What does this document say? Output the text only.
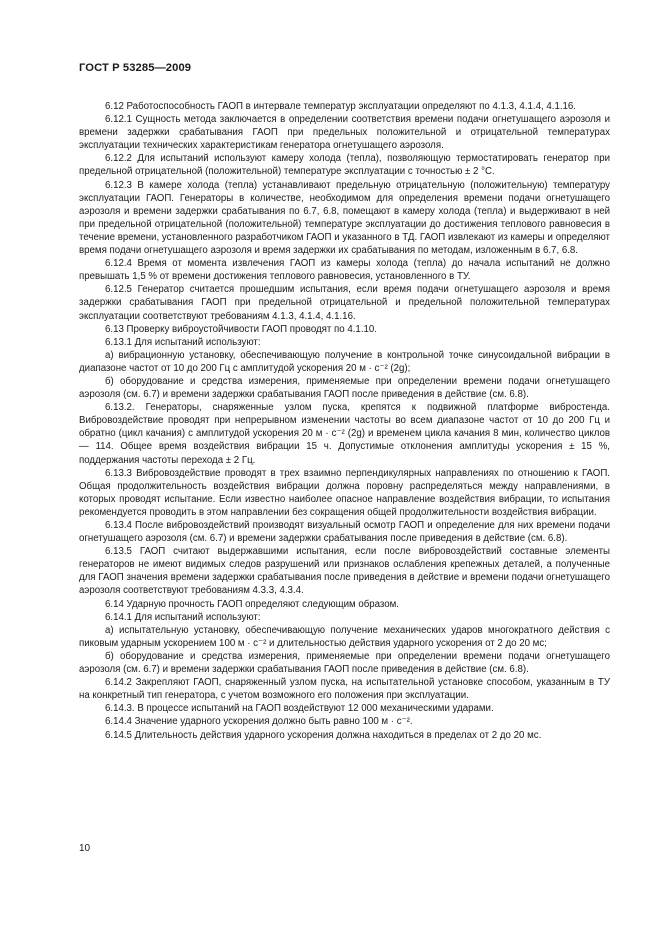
ГОСТ Р 53285—2009

6.12 Работоспособность ГАОП в интервале температур эксплуатации определяют по 4.1.3, 4.1.4, 4.1.16.

6.12.1 Сущность метода заключается в определении соответствия времени подачи огнетушащего аэрозоля и времени задержки срабатывания ГАОП при предельных положительной и отрицательной температурах эксплуатации технических характеристикам генератора огнетушащего аэрозоля.

6.12.2 Для испытаний используют камеру холода (тепла), позволяющую термостатировать генератор при предельной отрицательной (положительной) температуре эксплуатации с точностью ± 2 °С.

6.12.3 В камере холода (тепла) устанавливают предельную отрицательную (положительную) температуру эксплуатации ГАОП. Генераторы в количестве, необходимом для определения времени подачи огнетушащего аэрозоля и времени задержки срабатывания по 6.7, 6.8, помещают в камеру холода (тепла) и выдерживают в ней при предельной отрицательной (положительной) температуре эксплуатации до достижения теплового равновесия в течение времени, установленного разработчиком ГАОП и указанного в ТД. ГАОП извлекают из камеры и определяют время подачи огнетушащего аэрозоля и время задержки их срабатывания по методам, изложенным в 6.7, 6.8.

6.12.4 Время от момента извлечения ГАОП из камеры холода (тепла) до начала испытаний не должно превышать 1,5 % от времени достижения теплового равновесия, установленного в ТУ.

6.12.5 Генератор считается прошедшим испытания, если время подачи огнетушащего аэрозоля и время задержки срабатывания ГАОП при предельной отрицательной и предельной положительной температурах эксплуатации соответствуют требованиям 4.1.3, 4.1.4, 4.1.16.

6.13 Проверку виброустойчивости ГАОП проводят по 4.1.10.

6.13.1 Для испытаний используют:

а) вибрационную установку, обеспечивающую получение в контрольной точке синусоидальной вибрации в диапазоне частот от 10 до 200 Гц с амплитудой ускорения 20 м · с⁻² (2g);

б) оборудование и средства измерения, применяемые при определении времени подачи огнетушащего аэрозоля (см. 6.7) и времени задержки срабатывания ГАОП после приведения в действие (см. 6.8).

6.13.2. Генераторы, снаряженные узлом пуска, крепятся к подвижной платформе вибростенда. Вибровоздействие проводят при непрерывном изменении частоты во всем диапазоне частот от 10 до 200 Гц и обратно (цикл качания) с амплитудой ускорения 20 м · с⁻² (2g) и временем цикла качания 8 мин, количество циклов — 114. Общее время воздействия вибрации 15 ч. Допустимые отклонения амплитуды ускорения ± 15 %, поддержания частоты перехода ± 2 Гц.

6.13.3 Вибровоздействие проводят в трех взаимно перпендикулярных направлениях по отношению к ГАОП. Общая продолжительность воздействия вибрации должна поровну распределяться между направлениями, в которых проводят испытание. Если известно наиболее опасное направление воздействия вибрации, то испытания рекомендуется проводить в этом направлении без сокращения общей продолжительности воздействия вибрации.

6.13.4 После вибровоздействий производят визуальный осмотр ГАОП и определение для них времени подачи огнетушащего аэрозоля (см. 6.7) и времени задержки срабатывания после приведения в действие (см. 6.8).

6.13.5 ГАОП считают выдержавшими испытания, если после вибровоздействий составные элементы генераторов не имеют видимых следов разрушений или признаков ослабления крепежных деталей, а полученные для ГАОП значения времени задержки срабатывания после приведения в действие и времени подачи огнетушащего аэрозоля соответствуют требованиям 4.3.3, 4.3.4.

6.14 Ударную прочность ГАОП определяют следующим образом.

6.14.1 Для испытаний используют:

а) испытательную установку, обеспечивающую получение механических ударов многократного действия с пиковым ударным ускорением 100 м · с⁻² и длительностью действия ударного ускорения от 2 до 20 мс;

б) оборудование и средства измерения, применяемые при определении времени подачи огнетушащего аэрозоля (см. 6.7) и времени задержки срабатывания ГАОП после приведения в действие (см. 6.8).

6.14.2 Закрепляют ГАОП, снаряженный узлом пуска, на испытательной установке способом, указанным в ТУ на конкретный тип генератора, с учетом возможного его положения при эксплуатации.

6.14.3. В процессе испытаний на ГАОП воздействуют 12 000 механическими ударами.

6.14.4 Значение ударного ускорения должно быть равно 100 м · с⁻².

6.14.5 Длительность действия ударного ускорения должна находиться в пределах от 2 до 20 мс.

10
